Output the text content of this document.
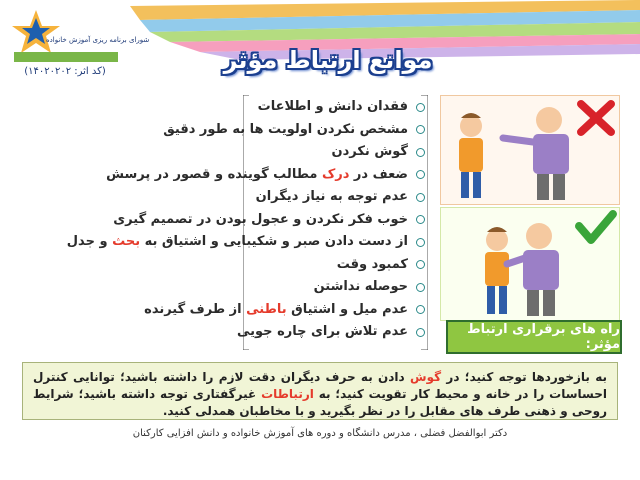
شورای برنامه ریزی آموزش خانواده
(کد اثر: ۱۴۰۲۰۲۰۲)	موانع ارتباط مؤثر
فقدان دانش و اطلاعات
مشخص نکردن اولویت ها به طور دقیق
گوش نکردن
ضعف در درک مطالب گوینده و قصور در پرسش
عدم توجه به نیاز دیگران
خوب فکر نکردن و عجول بودن در تصمیم گیری
از دست دادن صبر و شکیبایی و اشتیاق به بحث و جدل
کمبود وقت
حوصله نداشتن
عدم میل و اشتیاق باطنی از طرف گیرنده
عدم تلاش برای چاره جویی	راه های برقراری ارتباط مؤثر:
به بازخوردها توجه کنید؛ در گوش دادن به حرف دیگران دقت لازم را داشته باشید؛ توانایی کنترل احساسات را در خانه و محیط کار تقویت کنید؛ به ارتباطات غیرگفتاری توجه داشته باشید؛ شرایط روحی و ذهنی طرف های مقابل را در نظر بگیرید و با مخاطبان همدلی کنید.
دکتر ابوالفضل فضلی ، مدرس دانشگاه و دوره های آموزش خانواده و دانش افزایی کارکنان
